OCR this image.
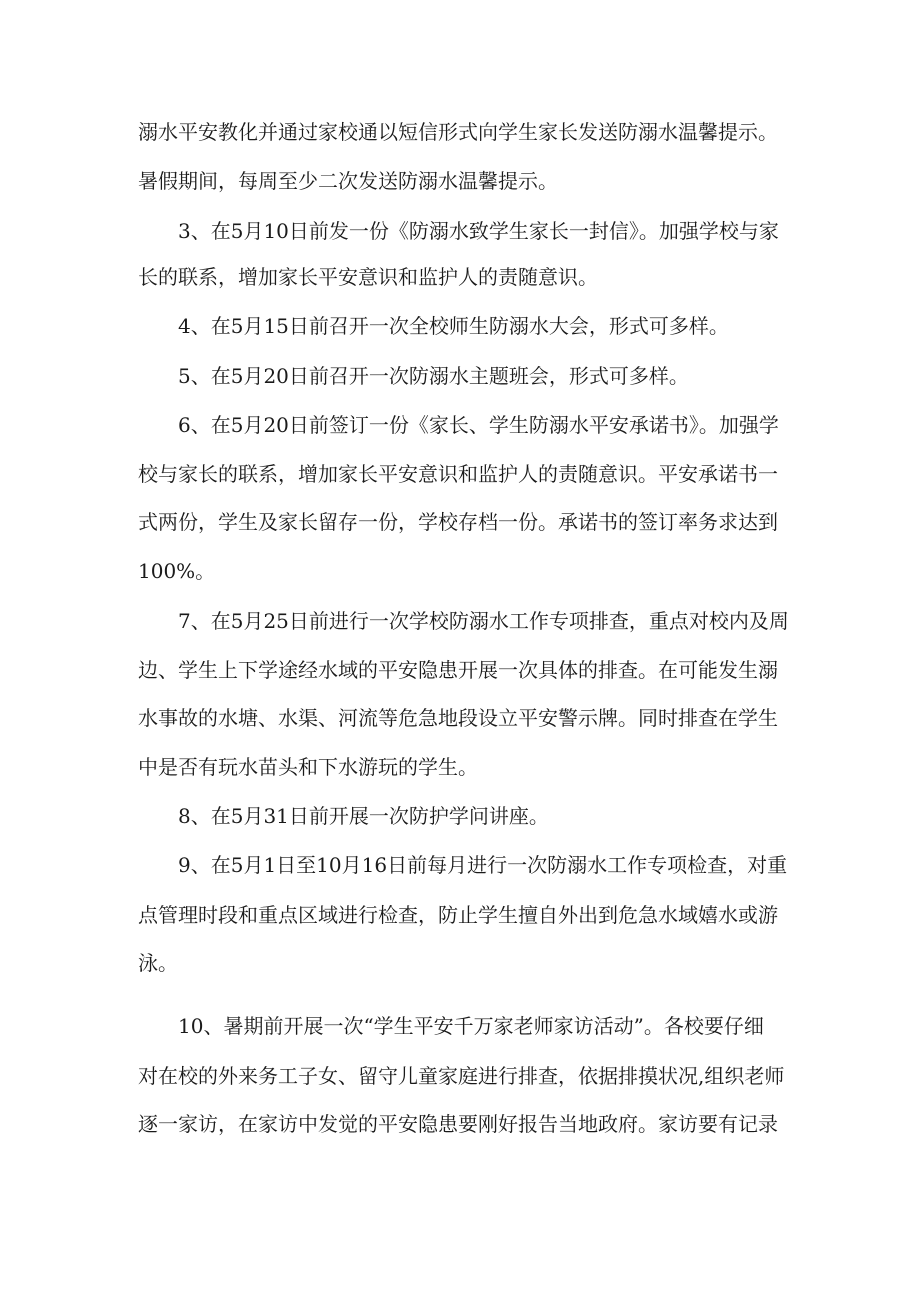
溺水平安教化并通过家校通以短信形式向学生家长发送防溺水温馨提示。
暑假期间，每周至少二次发送防溺水温馨提示。
3、在5月10日前发一份《防溺水致学生家长一封信》。加强学校与家
长的联系，增加家长平安意识和监护人的责随意识。
4、在5月15日前召开一次全校师生防溺水大会，形式可多样。
5、在5月20日前召开一次防溺水主题班会，形式可多样。
6、在5月20日前签订一份《家长、学生防溺水平安承诺书》。加强学
校与家长的联系，增加家长平安意识和监护人的责随意识。平安承诺书一
式两份，学生及家长留存一份，学校存档一份。承诺书的签订率务求达到
100%。
7、在5月25日前进行一次学校防溺水工作专项排查，重点对校内及周
边、学生上下学途经水域的平安隐患开展一次具体的排查。在可能发生溺
水事故的水塘、水渠、河流等危急地段设立平安警示牌。同时排查在学生
中是否有玩水苗头和下水游玩的学生。
8、在5月31日前开展一次防护学问讲座。
9、在5月1日至10月16日前每月进行一次防溺水工作专项检查，对重
点管理时段和重点区域进行检查，防止学生擅自外出到危急水域嬉水或游
泳。
10、暑期前开展一次“学生平安千万家老师家访活动”。各校要仔细
对在校的外来务工子女、留守儿童家庭进行排查，依据排摸状况,组织老师
逐一家访，在家访中发觉的平安隐患要刚好报告当地政府。家访要有记录
